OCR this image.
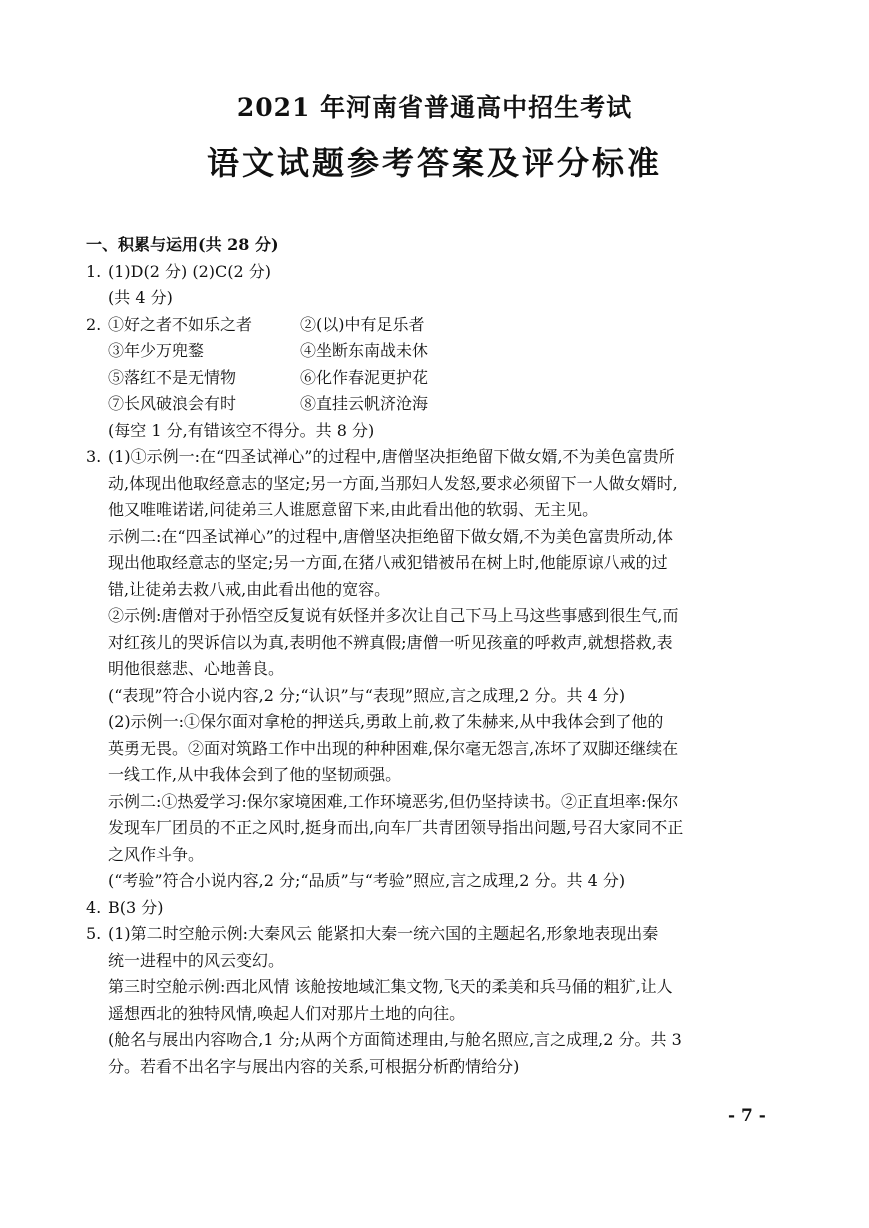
2021 年河南省普通高中招生考试
语文试题参考答案及评分标准
一、积累与运用(共 28 分)
1. (1)D(2 分) (2)C(2 分)
(共 4 分)
2. ①好之者不如乐之者	②(以)中有足乐者
③年少万兜鍪	④坐断东南战未休
⑤落红不是无情物	⑥化作春泥更护花
⑦长风破浪会有时	⑧直挂云帆济沧海
(每空 1 分,有错该空不得分。共 8 分)
3. (1)①示例一:在“四圣试禅心”的过程中,唐僧坚决拒绝留下做女婿,不为美色富贵所
动,体现出他取经意志的坚定;另一方面,当那妇人发怒,要求必须留下一人做女婿时,
他又唯唯诺诺,问徒弟三人谁愿意留下来,由此看出他的软弱、无主见。
示例二:在“四圣试禅心”的过程中,唐僧坚决拒绝留下做女婿,不为美色富贵所动,体
现出他取经意志的坚定;另一方面,在猪八戒犯错被吊在树上时,他能原谅八戒的过
错,让徒弟去救八戒,由此看出他的宽容。
②示例:唐僧对于孙悟空反复说有妖怪并多次让自己下马上马这些事感到很生气,而
对红孩儿的哭诉信以为真,表明他不辨真假;唐僧一听见孩童的呼救声,就想搭救,表
明他很慈悲、心地善良。
(“表现”符合小说内容,2 分;“认识”与“表现”照应,言之成理,2 分。共 4 分)
(2)示例一:①保尔面对拿枪的押送兵,勇敢上前,救了朱赫来,从中我体会到了他的
英勇无畏。②面对筑路工作中出现的种种困难,保尔毫无怨言,冻坏了双脚还继续在
一线工作,从中我体会到了他的坚韧顽强。
示例二:①热爱学习:保尔家境困难,工作环境恶劣,但仍坚持读书。②正直坦率:保尔
发现车厂团员的不正之风时,挺身而出,向车厂共青团领导指出问题,号召大家同不正
之风作斗争。
(“考验”符合小说内容,2 分;“品质”与“考验”照应,言之成理,2 分。共 4 分)
4. B(3 分)
5. (1)第二时空舱示例:大秦风云 能紧扣大秦一统六国的主题起名,形象地表现出秦
统一进程中的风云变幻。
第三时空舱示例:西北风情 该舱按地域汇集文物,飞天的柔美和兵马俑的粗犷,让人
遥想西北的独特风情,唤起人们对那片土地的向往。
(舱名与展出内容吻合,1 分;从两个方面简述理由,与舱名照应,言之成理,2 分。共 3
分。若看不出名字与展出内容的关系,可根据分析酌情给分)
- 7 -
